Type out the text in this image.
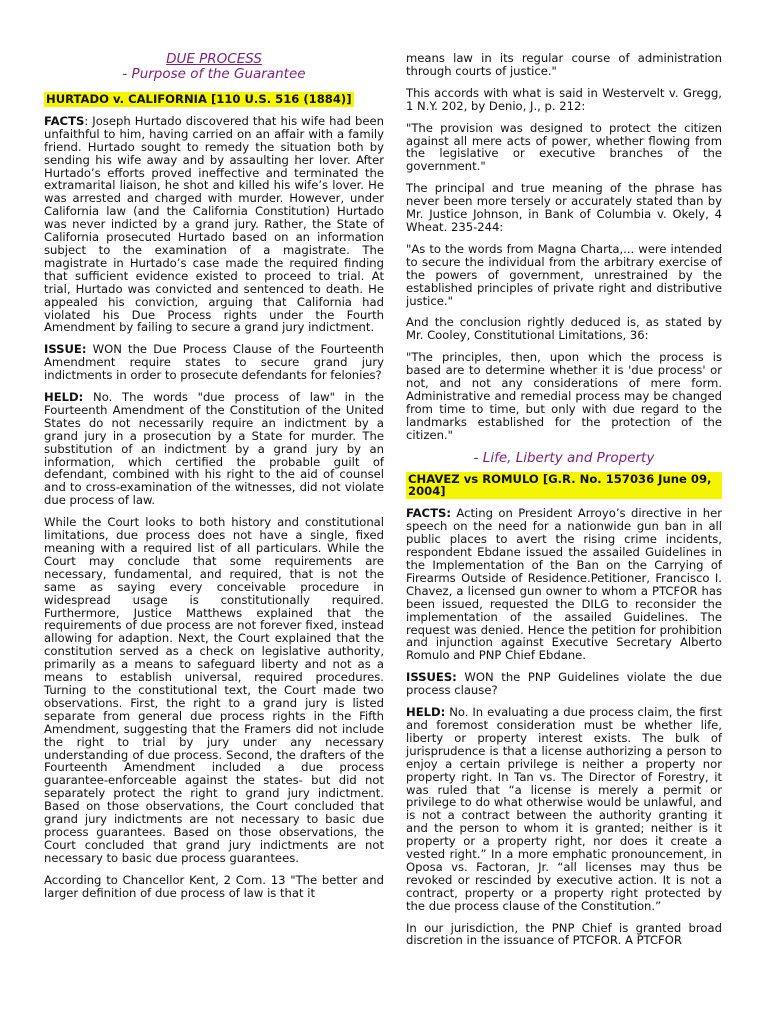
DUE PROCESS

- Purpose of the Guarantee

HURTADO v. CALIFORNIA [110 U.S. 516 (1884)]

FACTS: Joseph Hurtado discovered that his wife had been unfaithful to him, having carried on an affair with a family friend. Hurtado sought to remedy the situation both by sending his wife away and by assaulting her lover. After Hurtado’s efforts proved ineffective and terminated the extramarital liaison, he shot and killed his wife’s lover. He was arrested and charged with murder. However, under California law (and the California Constitution) Hurtado was never indicted by a grand jury. Rather, the State of California prosecuted Hurtado based on an information subject to the examination of a magistrate. The magistrate in Hurtado’s case made the required finding that sufficient evidence existed to proceed to trial. At trial, Hurtado was convicted and sentenced to death. He appealed his conviction, arguing that California had violated his Due Process rights under the Fourth Amendment by failing to secure a grand jury indictment.

ISSUE: WON the Due Process Clause of the Fourteenth Amendment require states to secure grand jury indictments in order to prosecute defendants for felonies?

HELD: No. The words "due process of law" in the Fourteenth Amendment of the Constitution of the United States do not necessarily require an indictment by a grand jury in a prosecution by a State for murder. The substitution of an indictment by a grand jury by an information, which certified the probable guilt of defendant, combined with his right to the aid of counsel and to cross-examination of the witnesses, did not violate due process of law.

While the Court looks to both history and constitutional limitations, due process does not have a single, fixed meaning with a required list of all particulars. While the Court may conclude that some requirements are necessary, fundamental, and required, that is not the same as saying every conceivable procedure in widespread usage is constitutionally required. Furthermore, Justice Matthews explained that the requirements of due process are not forever fixed, instead allowing for adaption. Next, the Court explained that the constitution served as a check on legislative authority, primarily as a means to safeguard liberty and not as a means to establish universal, required procedures. Turning to the constitutional text, the Court made two observations. First, the right to a grand jury is listed separate from general due process rights in the Fifth Amendment, suggesting that the Framers did not include the right to trial by jury under any necessary understanding of due process. Second, the drafters of the Fourteenth Amendment included a due process guarantee-enforceable against the states- but did not separately protect the right to grand jury indictment. Based on those observations, the Court concluded that grand jury indictments are not necessary to basic due process guarantees. Based on those observations, the Court concluded that grand jury indictments are not necessary to basic due process guarantees.

According to Chancellor Kent, 2 Com. 13 "The better and larger definition of due process of law is that it

means law in its regular course of administration through courts of justice."

This accords with what is said in Westervelt v. Gregg, 1 N.Y. 202, by Denio, J., p. 212:

"The provision was designed to protect the citizen against all mere acts of power, whether flowing from the legislative or executive branches of the government."

The principal and true meaning of the phrase has never been more tersely or accurately stated than by Mr. Justice Johnson, in Bank of Columbia v. Okely, 4 Wheat. 235-244:

"As to the words from Magna Charta,... were intended to secure the individual from the arbitrary exercise of the powers of government, unrestrained by the established principles of private right and distributive justice."

And the conclusion rightly deduced is, as stated by Mr. Cooley, Constitutional Limitations, 36:

"The principles, then, upon which the process is based are to determine whether it is 'due process' or not, and not any considerations of mere form. Administrative and remedial process may be changed from time to time, but only with due regard to the landmarks established for the protection of the citizen."

- Life, Liberty and Property

CHAVEZ vs ROMULO [G.R. No. 157036 June 09, 2004]

FACTS: Acting on President Arroyo’s directive in her speech on the need for a nationwide gun ban in all public places to avert the rising crime incidents, respondent Ebdane issued the assailed Guidelines in the Implementation of the Ban on the Carrying of Firearms Outside of Residence.Petitioner, Francisco I. Chavez, a licensed gun owner to whom a PTCFOR has been issued, requested the DILG to reconsider the implementation of the assailed Guidelines. The request was denied. Hence the petition for prohibition and injunction against Executive Secretary Alberto Romulo and PNP Chief Ebdane.

ISSUES: WON the PNP Guidelines violate the due process clause?

HELD: No. In evaluating a due process claim, the first and foremost consideration must be whether life, liberty or property interest exists. The bulk of jurisprudence is that a license authorizing a person to enjoy a certain privilege is neither a property nor property right. In Tan vs. The Director of Forestry, it was ruled that “a license is merely a permit or privilege to do what otherwise would be unlawful, and is not a contract between the authority granting it and the person to whom it is granted; neither is it property or a property right, nor does it create a vested right.” In a more emphatic pronouncement, in Oposa vs. Factoran, Jr. “all licenses may thus be revoked or rescinded by executive action. It is not a contract, property or a property right protected by the due process clause of the Constitution.”

In our jurisdiction, the PNP Chief is granted broad discretion in the issuance of PTCFOR. A PTCFOR
